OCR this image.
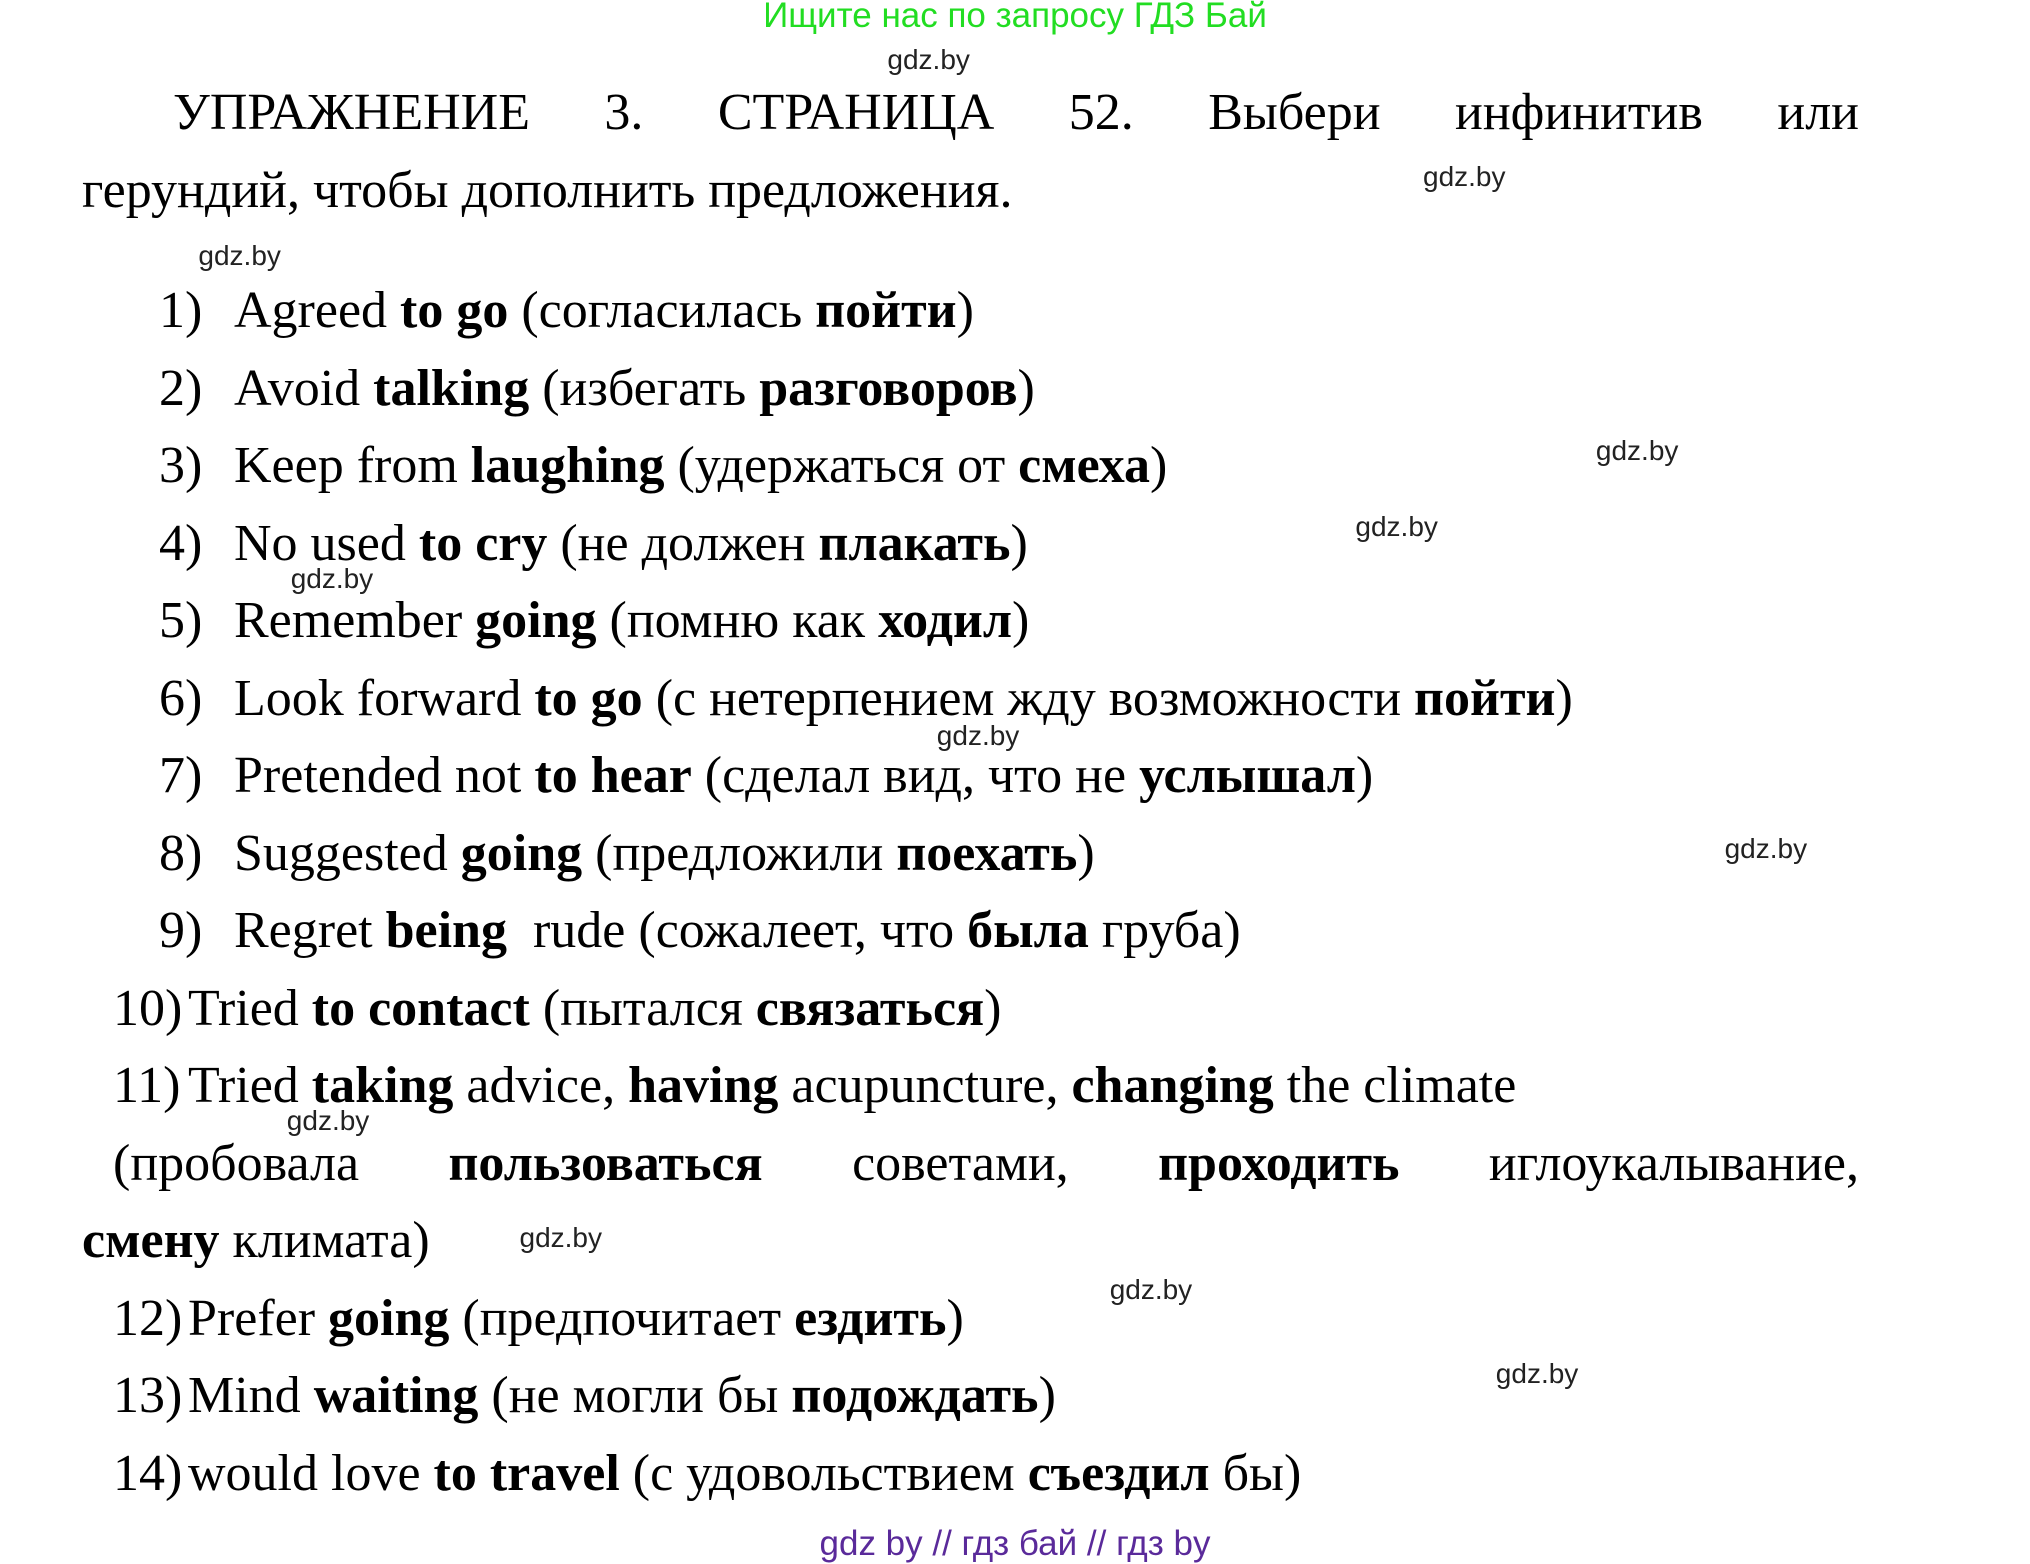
Ищите нас по запросу ГДЗ Бай
УПРАЖНЕНИЕ 3. СТРАНИЦА 52. Выбери инфинитив или
герундий, чтобы дополнить предложения.
1) Agreed to go (согласилась пойти)
2) Avoid talking (избегать разговоров)
3) Keep from laughing (удержаться от смеха)
4) No used to cry (не должен плакать)
5) Remember going (помню как ходил)
6) Look forward to go (с нетерпением жду возможности пойти)
7) Pretended not to hear (сделал вид, что не услышал)
8) Suggested going (предложили поехать)
9) Regret being  rude (сожалеет, что была груба)
10) Tried to contact (пытался связаться)
11) Tried taking advice, having acupuncture, changing the climate
(пробовала пользоваться советами, проходить иглоукалывание,
смену климата)
12) Prefer going (предпочитает ездить)
13) Mind waiting (не могли бы подождать)
14) would love to travel (с удовольствием съездил бы)
gdz.by
gdz.by
gdz.by
gdz.by
gdz.by
gdz.by
gdz.by
gdz.by
gdz.by
gdz.by
gdz.by
gdz.by
gdz by // гдз бай // гдз by
